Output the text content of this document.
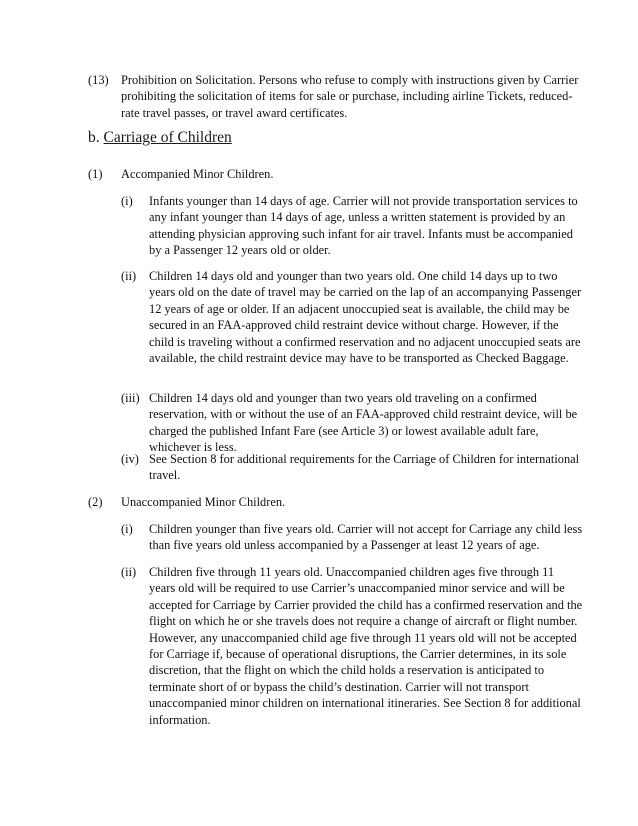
(13) Prohibition on Solicitation. Persons who refuse to comply with instructions given by Carrier prohibiting the solicitation of items for sale or purchase, including airline Tickets, reduced-rate travel passes, or travel award certificates.
b. Carriage of Children
(1) Accompanied Minor Children.
(i) Infants younger than 14 days of age. Carrier will not provide transportation services to any infant younger than 14 days of age, unless a written statement is provided by an attending physician approving such infant for air travel. Infants must be accompanied by a Passenger 12 years old or older.
(ii) Children 14 days old and younger than two years old. One child 14 days up to two years old on the date of travel may be carried on the lap of an accompanying Passenger 12 years of age or older. If an adjacent unoccupied seat is available, the child may be secured in an FAA-approved child restraint device without charge. However, if the child is traveling without a confirmed reservation and no adjacent unoccupied seats are available, the child restraint device may have to be transported as Checked Baggage.
(iii) Children 14 days old and younger than two years old traveling on a confirmed reservation, with or without the use of an FAA-approved child restraint device, will be charged the published Infant Fare (see Article 3) or lowest available adult fare, whichever is less.
(iv) See Section 8 for additional requirements for the Carriage of Children for international travel.
(2) Unaccompanied Minor Children.
(i) Children younger than five years old. Carrier will not accept for Carriage any child less than five years old unless accompanied by a Passenger at least 12 years of age.
(ii) Children five through 11 years old. Unaccompanied children ages five through 11 years old will be required to use Carrier’s unaccompanied minor service and will be accepted for Carriage by Carrier provided the child has a confirmed reservation and the flight on which he or she travels does not require a change of aircraft or flight number. However, any unaccompanied child age five through 11 years old will not be accepted for Carriage if, because of operational disruptions, the Carrier determines, in its sole discretion, that the flight on which the child holds a reservation is anticipated to terminate short of or bypass the child’s destination. Carrier will not transport unaccompanied minor children on international itineraries. See Section 8 for additional information.
